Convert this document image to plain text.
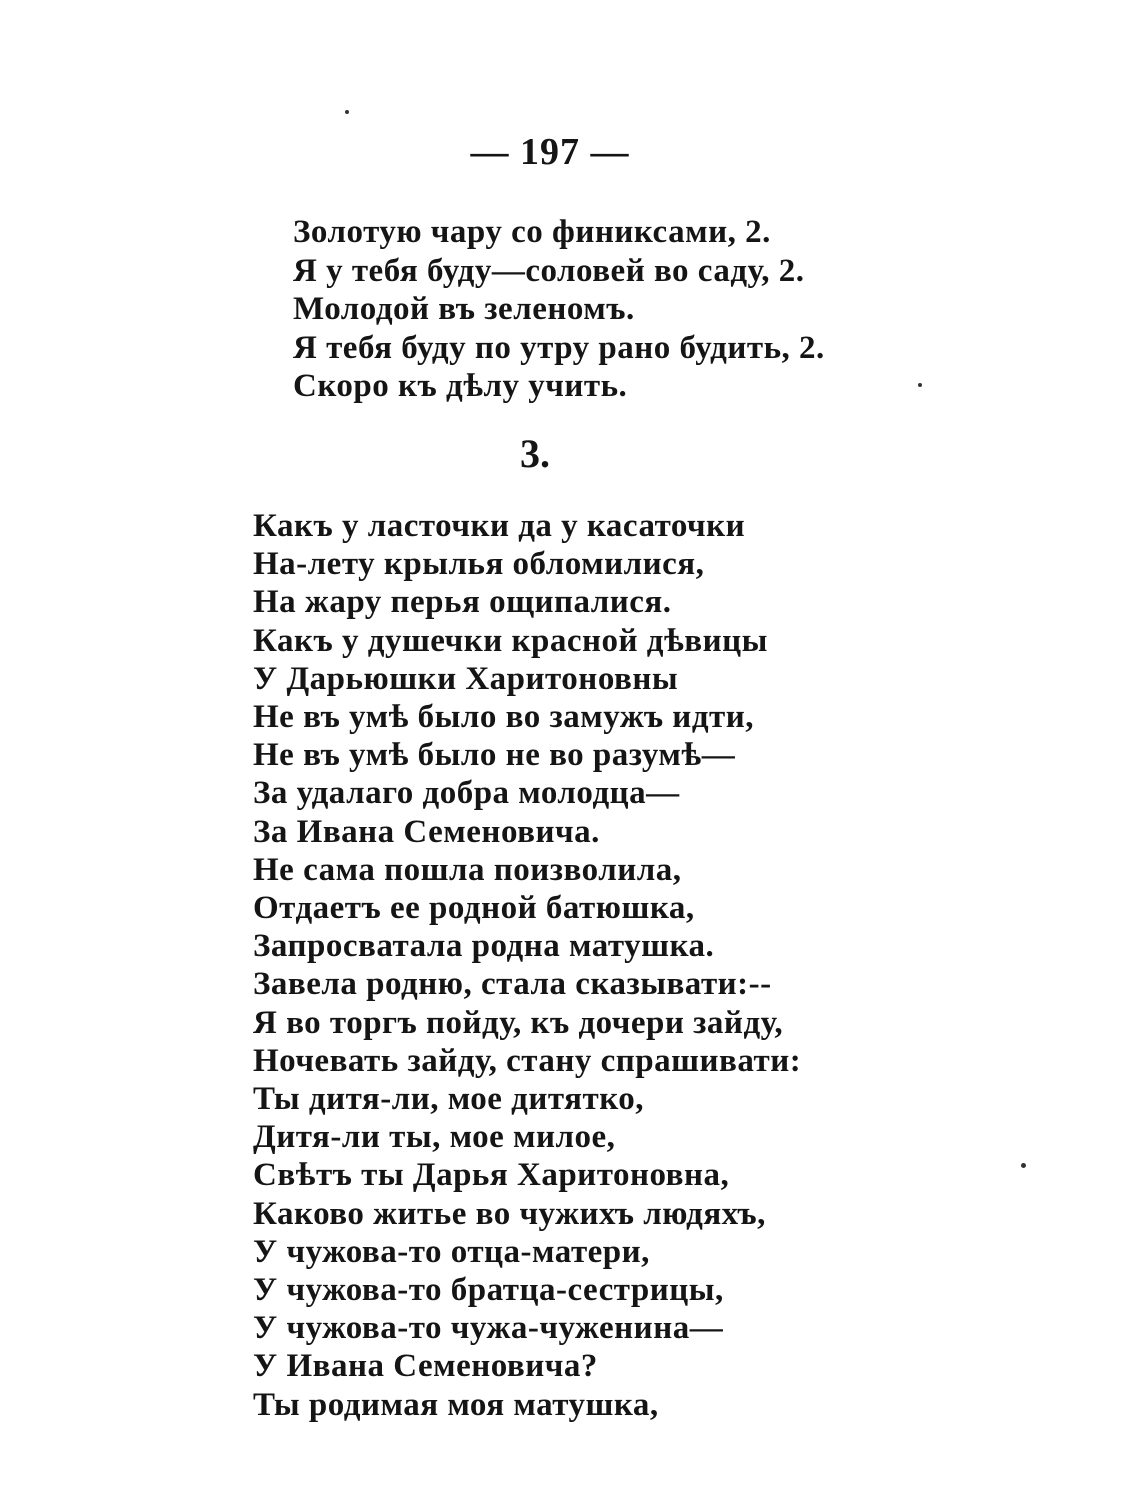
— 197 —
Золотую чару со финиксами, 2.
Я у тебя буду—соловей во саду, 2.
Молодой въ зеленомъ.
Я тебя буду по утру рано будить, 2.
Скоро къ дѣлу учить.
3.
Какъ у ласточки да у касаточки
На-лету крылья обломилися,
На жару перья ощипалися.
Какъ у душечки красной дѣвицы
У Дарьюшки Харитоновны
Не въ умѣ было во замужъ идти,
Не въ умѣ было не во разумѣ—
За удалаго добра молодца—
За Ивана Семеновича.
Не сама пошла поизволила,
Отдаетъ ее родной батюшка,
Запросватала родна матушка.
Завела родню, стала сказывати:--
Я во торгъ пойду, къ дочери зайду,
Ночевать зайду, стану спрашивати:
Ты дитя-ли, мое дитятко,
Дитя-ли ты, мое милое,
Свѣтъ ты Дарья Харитоновна,
Каково житье во чужихъ людяхъ,
У чужова-то отца-матери,
У чужова-то братца-сестрицы,
У чужова-то чужа-чуженина—
У Ивана Семеновича?
Ты родимая моя матушка,
